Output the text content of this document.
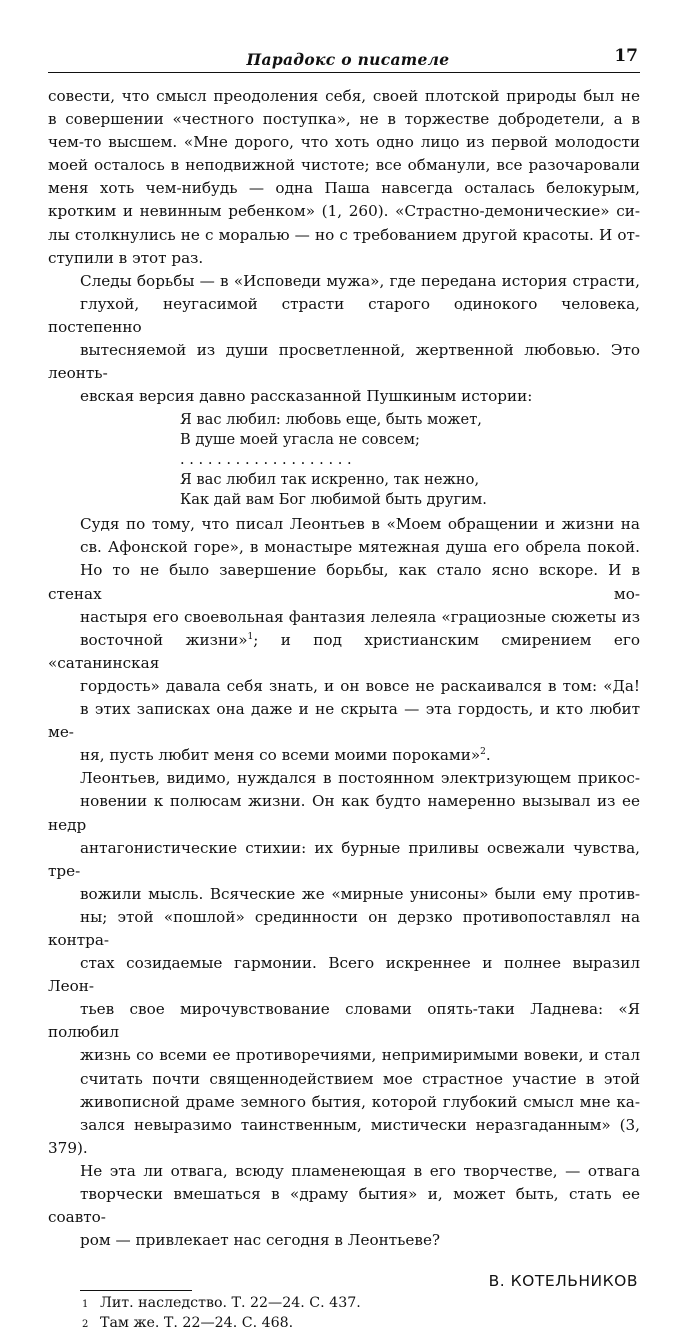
Парадокс о писателе	17

совести, что смысл преодоления себя, своей плотской природы был не
в совершении «честного поступка», не в торжестве добродетели, а в
чем-то высшем. «Мне дорого, что хоть одно лицо из первой молодости
моей осталось в неподвижной чистоте; все обманули, все разочаровали
меня хоть чем-нибудь — одна Паша навсегда осталась белокурым,
кротким и невинным ребенком» (1, 260). «Страстно-демонические» си-
лы столкнулись не с моралью — но с требованием другой красоты. И от-
ступили в этот раз.

Следы борьбы — в «Исповеди мужа», где передана история страсти,
глухой, неугасимой страсти старого одинокого человека, постепенно
вытесняемой из души просветленной, жертвенной любовью. Это леонть-
евская версия давно рассказанной Пушкиным истории:

Я вас любил: любовь еще, быть может,
В душе моей угасла не совсем;
. . . . . . . . . . . . . . . . . . .
Я вас любил так искренно, так нежно,
Как дай вам Бог любимой быть другим.

Судя по тому, что писал Леонтьев в «Моем обращении и жизни на
св. Афонской горе», в монастыре мятежная душа его обрела покой.
Но то не было завершение борьбы, как стало ясно вскоре. И в стенах мо-
настыря его своевольная фантазия лелеяла «грациозные сюжеты из
восточной жизни»$^1$; и под христианским смирением его «сатанинская
гордость» давала себя знать, и он вовсе не раскаивался в том: «Да!
в этих записках она даже и не скрыта — эта гордость, и кто любит ме-
ня, пусть любит меня со всеми моими пороками»$^2$.

Леонтьев, видимо, нуждался в постоянном электризующем прикос-
новении к полюсам жизни. Он как будто намеренно вызывал из ее недр
антагонистические стихии: их бурные приливы освежали чувства, тре-
вожили мысль. Всяческие же «мирные унисоны» были ему против-
ны; этой «пошлой» срединности он дерзко противопоставлял на контра-
стах созидаемые гармонии. Всего искреннее и полнее выразил Леон-
тьев свое мирочувствование словами опять-таки Ладнева: «Я полюбил
жизнь со всеми ее противоречиями, непримиримыми вовеки, и стал
считать почти священнодействием мое страстное участие в этой
живописной драме земного бытия, которой глубокий смысл мне ка-
зался невыразимо таинственным, мистически неразгаданным» (3, 379).

Не эта ли отвага, всюду пламенеющая в его творчестве, — отвага
творчески вмешаться в «драму бытия» и, может быть, стать ее соавто-
ром — привлекает нас сегодня в Леонтьеве?

В. КОТЕЛЬНИКОВ
1 Лит. наследство. Т. 22—24. С. 437.
2 Там же. Т. 22—24. С. 468.
